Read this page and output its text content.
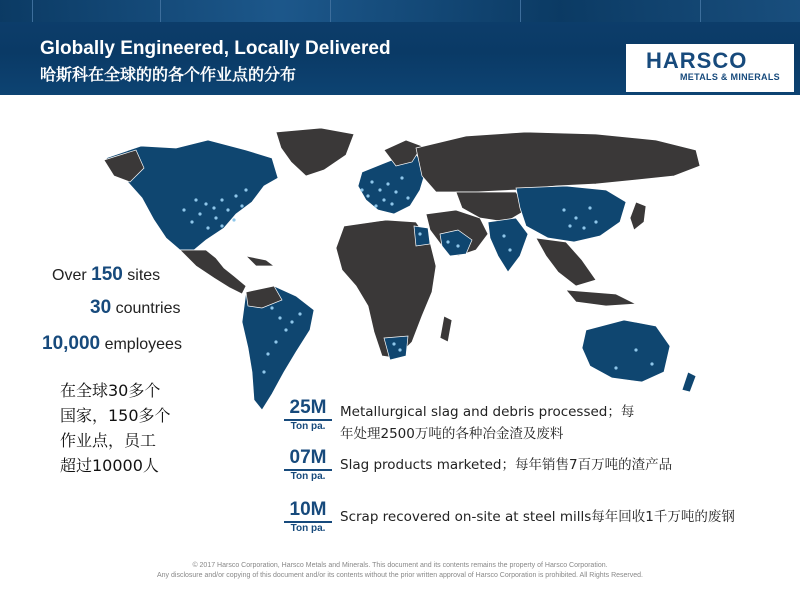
Globally Engineered, Locally Delivered
哈斯科在全球的的各个作业点的分布
HARSCO
METALS & MINERALS
Over 150 sites
30 countries
10,000 employees
在全球30多个
国家，150多个
作业点，员工
超过10000人
25M
Ton pa.
Metallurgical slag and debris processed；每
年处理2500万吨的各种冶金渣及废料
07M
Ton pa.
Slag products marketed；每年销售7百万吨的渣产品
10M
Ton pa.
Scrap recovered on-site at steel mills每年回收1千万吨的废钢
© 2017 Harsco Corporation, Harsco Metals and Minerals. This document and its contents remains the property of Harsco Corporation.
Any disclosure and/or copying of this document and/or its contents without the prior written approval of Harsco Corporation is prohibited. All Rights Reserved.
